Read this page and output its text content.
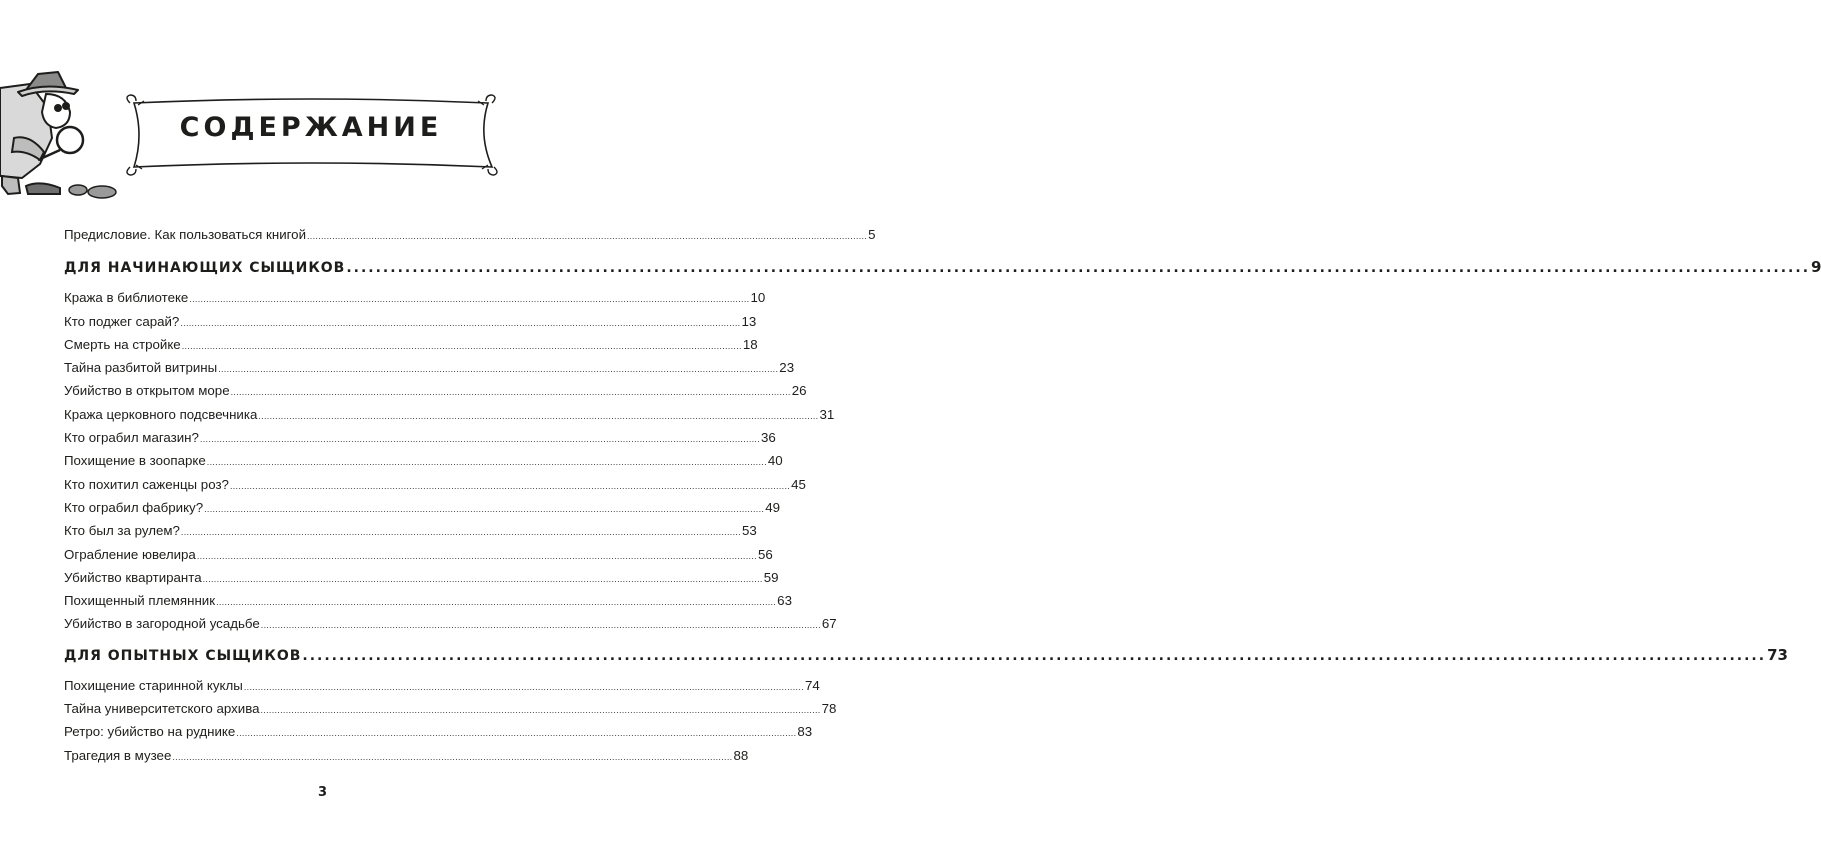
СОДЕРЖАНИЕ
Предисловие. Как пользоваться книгой ........................................................................................................................................................................................................ 5
ДЛЯ НАЧИНАЮЩИХ СЫЩИКОВ ........................................................................................................................................................................................................ 9
Кража в библиотеке ........................................................................................................................................................................................................ 10
Кто поджег сарай? ........................................................................................................................................................................................................ 13
Смерть на стройке ........................................................................................................................................................................................................ 18
Тайна разбитой витрины ........................................................................................................................................................................................................ 23
Убийство в открытом море ........................................................................................................................................................................................................ 26
Кража церковного подсвечника ........................................................................................................................................................................................................ 31
Кто ограбил магазин? ........................................................................................................................................................................................................ 36
Похищение в зоопарке ........................................................................................................................................................................................................ 40
Кто похитил саженцы роз? ........................................................................................................................................................................................................ 45
Кто ограбил фабрику? ........................................................................................................................................................................................................ 49
Кто был за рулем? ........................................................................................................................................................................................................ 53
Ограбление ювелира ........................................................................................................................................................................................................ 56
Убийство квартиранта ........................................................................................................................................................................................................ 59
Похищенный племянник ........................................................................................................................................................................................................ 63
Убийство в загородной усадьбе ........................................................................................................................................................................................................ 67
ДЛЯ ОПЫТНЫХ СЫЩИКОВ ........................................................................................................................................................................................................ 73
Похищение старинной куклы ........................................................................................................................................................................................................ 74
Тайна университетского архива ........................................................................................................................................................................................................ 78
Ретро: убийство на руднике ........................................................................................................................................................................................................ 83
Трагедия в музее ........................................................................................................................................................................................................ 88
3
